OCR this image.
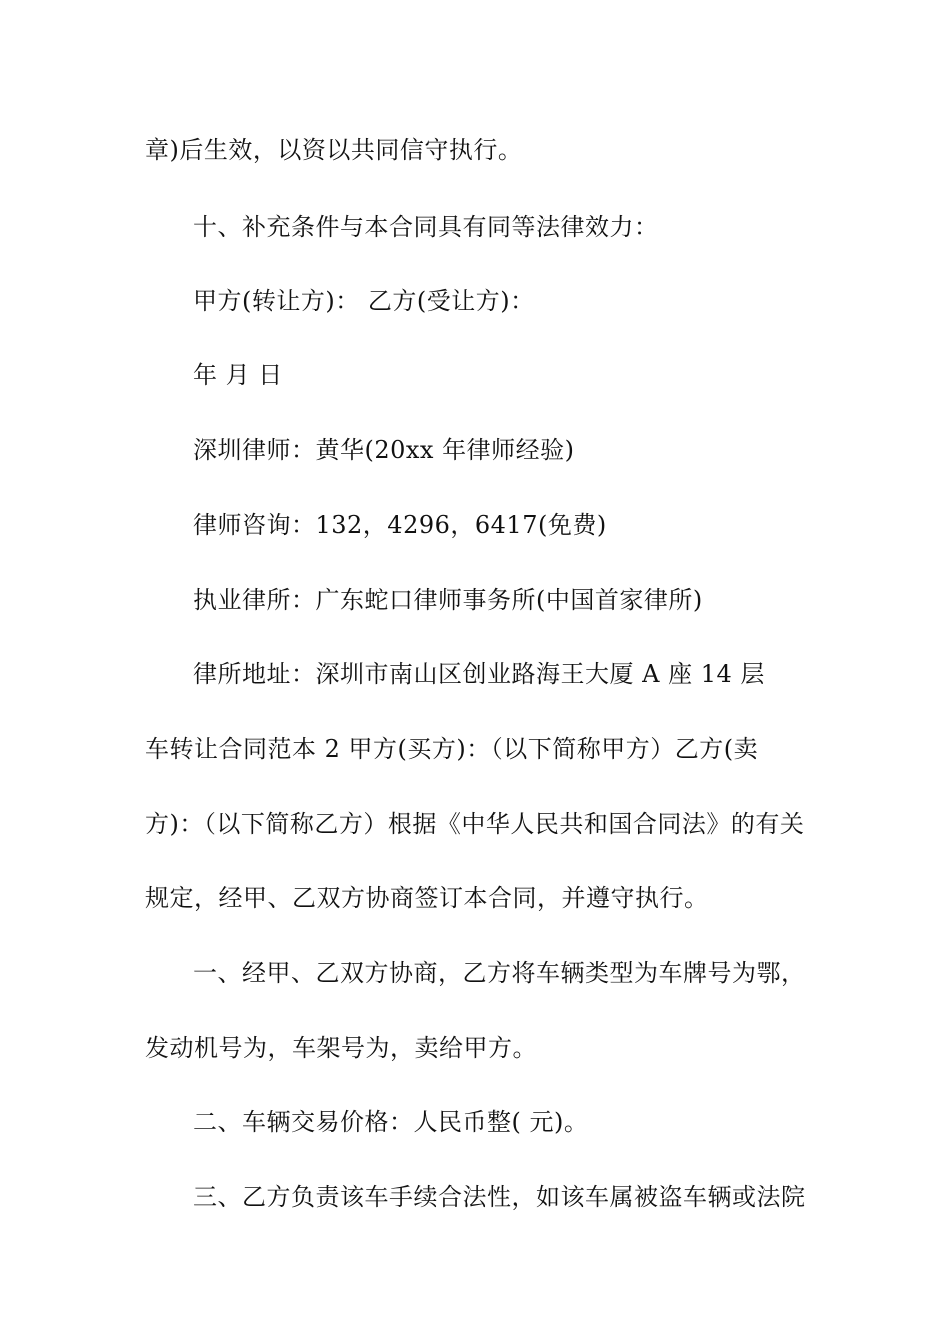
章)后生效，以资以共同信守执行。
十、补充条件与本合同具有同等法律效力：
甲方(转让方)： 乙方(受让方)：
年 月 日
深圳律师：黄华(20xx 年律师经验)
律师咨询：132，4296，6417(免费)
执业律所：广东蛇口律师事务所(中国首家律所)
律所地址：深圳市南山区创业路海王大厦 A 座 14 层
车转让合同范本 2 甲方(买方)：（以下简称甲方）乙方(卖
方)：（以下简称乙方）根据《中华人民共和国合同法》的有关
规定，经甲、乙双方协商签订本合同，并遵守执行。
一、经甲、乙双方协商，乙方将车辆类型为车牌号为鄂，
发动机号为，车架号为，卖给甲方。
二、车辆交易价格：人民币整( 元)。
三、乙方负责该车手续合法性，如该车属被盗车辆或法院
